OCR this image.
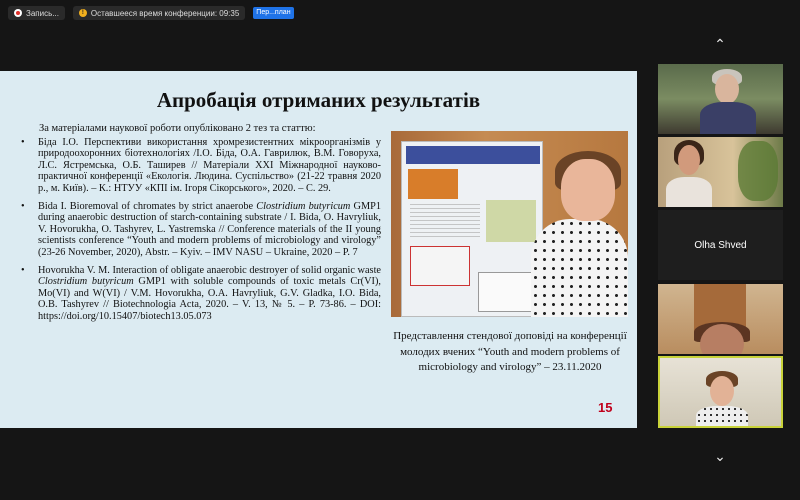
Запись...	! Оставшееся время конференции: 09:35	Пер...план
Апробація отриманих результатів
За матеріалами наукової роботи опубліковано 2 тез та статтю:
• Біда І.О. Перспективи використання хромрезистентних мікроорганізмів у природоохоронних біотехнологіях /І.О. Біда, О.А. Гаврилюк, В.М. Говоруха, Л.С. Ястремська, О.Б. Таширев // Матеріали XXІ Міжнародної науково-практичної конференції «Екологія. Людина. Суспільство» (21-22 травня 2020 р., м. Київ). – К.: НТУУ «КПІ ім. Ігоря Сікорського», 2020. – С. 29.
• Bida I. Bioremoval of chromates by strict anaerobe Clostridium butyricum GMP1 during anaerobic destruction of starch-containing substrate / I. Bida, O. Havryliuk, V. Hovorukha, O. Tashyrev, L. Yastremska // Conference materials of the II young scientists conference “Youth and modern problems of microbiology and virology” (23-26 November, 2020), Abstr. – Kyiv. – IMV NASU – Ukraine, 2020 – P. 7
• Hovorukha V. M. Interaction of obligate anaerobic destroyer of solid organic waste Clostridium butyricum GMP1 with soluble compounds of toxic metals Cr(VI), Mo(VI) and W(VI) / V.M. Hovorukha, O.A. Havryliuk, G.V. Gladka, I.O. Bida, O.B. Tashyrev // Biotechnologia Acta, 2020. – V. 13, № 5. – P. 73-86. – DOI: https://doi.org/10.15407/biotech13.05.073
Представлення стендової доповіді на конференції молодих вчених “Youth and modern problems of microbiology and virology” – 23.11.2020
15
⌃
Olha Shved
⌄
